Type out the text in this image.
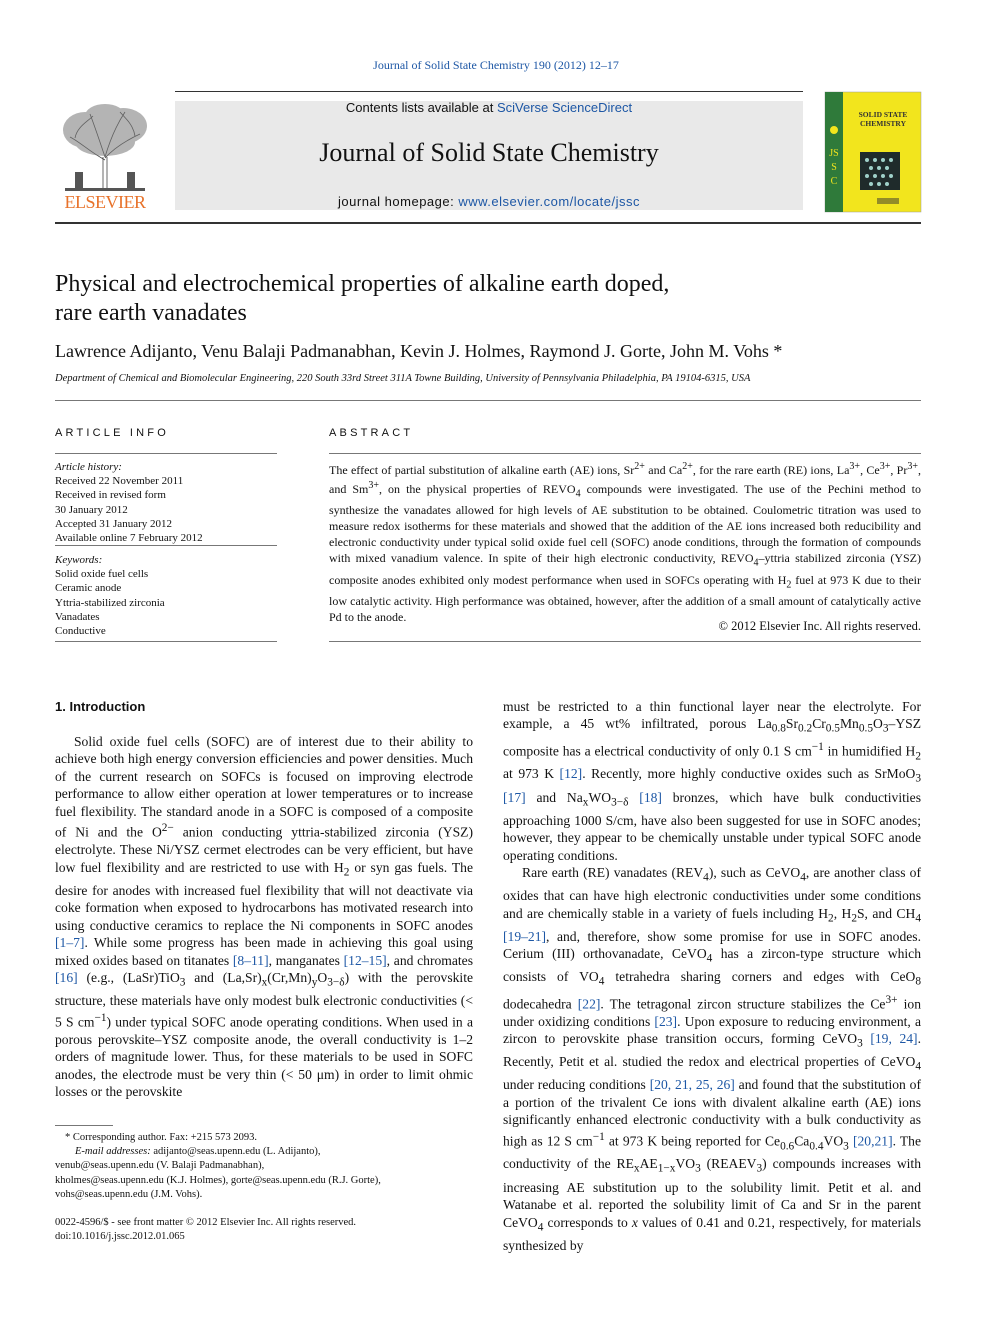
Journal of Solid State Chemistry 190 (2012) 12–17
ELSEVIER
Contents lists available at SciVerse ScienceDirect
Journal of Solid State Chemistry
journal homepage: www.elsevier.com/locate/jssc
SOLID STATE
CHEMISTRY
JSSC
Physical and electrochemical properties of alkaline earth doped,
rare earth vanadates
Lawrence Adijanto, Venu Balaji Padmanabhan, Kevin J. Holmes, Raymond J. Gorte, John M. Vohs *
Department of Chemical and Biomolecular Engineering, 220 South 33rd Street 311A Towne Building, University of Pennsylvania Philadelphia, PA 19104-6315, USA
ARTICLE INFO
Article history:
Received 22 November 2011
Received in revised form
30 January 2012
Accepted 31 January 2012
Available online 7 February 2012
Keywords:
Solid oxide fuel cells
Ceramic anode
Yttria-stabilized zirconia
Vanadates
Conductive
ABSTRACT
The effect of partial substitution of alkaline earth (AE) ions, $Sr^{2+}$ and $Ca^{2+}$, for the rare earth (RE) ions, $La^{3+}$, $Ce^{3+}$, $Pr^{3+}$, and $Sm^{3+}$, on the physical properties of $REVO_4$ compounds were investigated. The use of the Pechini method to synthesize the vanadates allowed for high levels of AE substitution to be obtained. Coulometric titration was used to measure redox isotherms for these materials and showed that the addition of the AE ions increased both reducibility and electronic conductivity under typical solid oxide fuel cell (SOFC) anode conditions, through the formation of compounds with mixed vanadium valence. In spite of their high electronic conductivity, $REVO_4$–yttria stabilized zirconia (YSZ) composite anodes exhibited only modest performance when used in SOFCs operating with $H_2$ fuel at 973 K due to their low catalytic activity. High performance was obtained, however, after the addition of a small amount of catalytically active Pd to the anode.
© 2012 Elsevier Inc. All rights reserved.
1. Introduction

Solid oxide fuel cells (SOFC) are of interest due to their ability to achieve both high energy conversion efficiencies and power densities. Much of the current research on SOFCs is focused on improving electrode performance to allow either operation at lower temperatures or to increase fuel flexibility. The standard anode in a SOFC is composed of a composite of Ni and the $O^{2-}$ anion conducting yttria-stabilized zirconia (YSZ) electrolyte. These Ni/YSZ cermet electrodes can be very efficient, but have low fuel flexibility and are restricted to use with $H_2$ or syn gas fuels. The desire for anodes with increased fuel flexibility that will not deactivate via coke formation when exposed to hydrocarbons has motivated research into using conductive ceramics to replace the Ni components in SOFC anodes [1–7]. While some progress has been made in achieving this goal using mixed oxides based on titanates [8–11], manganates [12–15], and chromates [16] (e.g., (LaSr)TiO$_3$ and $(La,Sr)_x(Cr,Mn)_yO_{3-\delta}$) with the perovskite structure, these materials have only modest bulk electronic conductivities (< 5 S $cm^{-1}$) under typical SOFC anode operating conditions. When used in a porous perovskite–YSZ composite anode, the overall conductivity is 1–2 orders of magnitude lower. Thus, for these materials to be used in SOFC anodes, the electrode must be very thin (< 50 μm) in order to limit ohmic losses or the perovskite

* Corresponding author. Fax: +215 573 2093.
E-mail addresses: adijanto@seas.upenn.edu (L. Adijanto),
venub@seas.upenn.edu (V. Balaji Padmanabhan),
kholmes@seas.upenn.edu (K.J. Holmes), gorte@seas.upenn.edu (R.J. Gorte),
vohs@seas.upenn.edu (J.M. Vohs).
0022-4596/$ - see front matter © 2012 Elsevier Inc. All rights reserved.
doi:10.1016/j.jssc.2012.01.065

must be restricted to a thin functional layer near the electrolyte. For example, a 45 wt% infiltrated, porous $La_{0.8}Sr_{0.2}Cr_{0.5}Mn_{0.5}O_3$–YSZ composite has a electrical conductivity of only 0.1 S $cm^{-1}$ in humidified $H_2$ at 973 K [12]. Recently, more highly conductive oxides such as SrMoO$_3$ [17] and $Na_xWO_{3-\delta}$ [18] bronzes, which have bulk conductivities approaching 1000 S/cm, have also been suggested for use in SOFC anodes; however, they appear to be chemically unstable under typical SOFC anode operating conditions.

Rare earth (RE) vanadates $(REV_4)$, such as CeVO$_4$, are another class of oxides that can have high electronic conductivities under some conditions and are chemically stable in a variety of fuels including $H_2$, $H_2S$, and $CH_4$ [19–21], and, therefore, show some promise for use in SOFC anodes. Cerium (III) orthovanadate, CeVO$_4$ has a zircon-type structure which consists of $VO_4$ tetrahedra sharing corners and edges with CeO$_8$ dodecahedra [22]. The tetragonal zircon structure stabilizes the $Ce^{3+}$ ion under oxidizing conditions [23]. Upon exposure to reducing environment, a zircon to perovskite phase transition occurs, forming CeVO$_3$ [19, 24]. Recently, Petit et al. studied the redox and electrical properties of CeVO$_4$ under reducing conditions [20, 21, 25, 26] and found that the substitution of a portion of the trivalent Ce ions with divalent alkaline earth (AE) ions significantly enhanced electronic conductivity with a bulk conductivity as high as 12 S $cm^{-1}$ at 973 K being reported for $Ce_{0.6}Ca_{0.4}VO_3$ [20,21]. The conductivity of the $RE_xAE_{1-x}VO_3$ $(REAEV_3)$ compounds increases with increasing AE substitution up to the solubility limit. Petit et al. and Watanabe et al. reported the solubility limit of Ca and Sr in the parent CeVO$_4$ corresponds to x values of 0.41 and 0.21, respectively, for materials synthesized by
